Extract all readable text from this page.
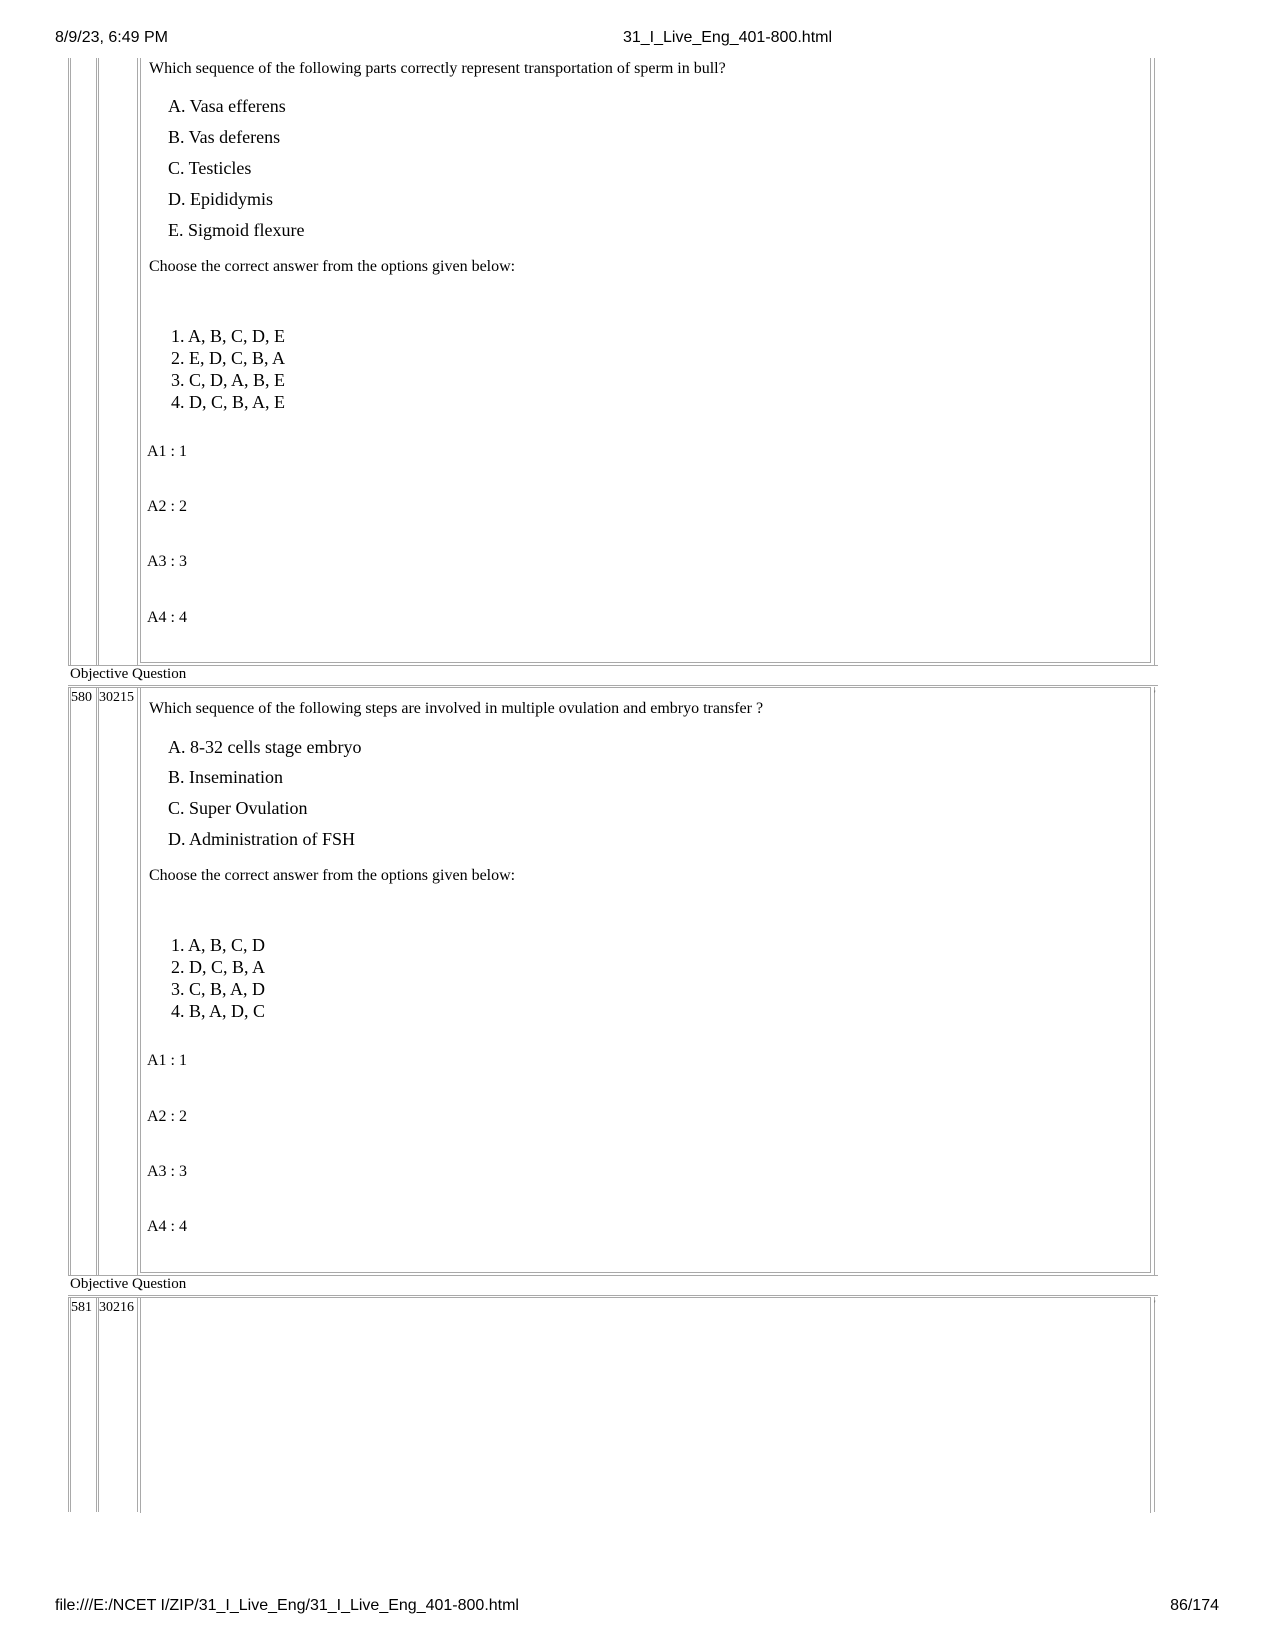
8/9/23, 6:49 PM	31_I_Live_Eng_401-800.html
Which sequence of the following parts correctly represent transportation of sperm in bull?
A. Vasa efferens
B. Vas deferens
C. Testicles
D. Epididymis
E. Sigmoid flexure
Choose the correct answer from the options given below:
1. A, B, C, D, E
2. E, D, C, B, A
3. C, D, A, B, E
4. D, C, B, A, E
A1 : 1
A2 : 2
A3 : 3
A4 : 4
Objective Question
'
580 30215
Which sequence of the following steps are involved in multiple ovulation and embryo transfer ?
A. 8-32 cells stage embryo
B. Insemination
C. Super Ovulation
D. Administration of FSH
Choose the correct answer from the options given below:
1. A, B, C, D
2. D, C, B, A
3. C, B, A, D
4. B, A, D, C
A1 : 1
A2 : 2
A3 : 3
A4 : 4
Objective Question
'
581 30216
file:///E:/NCET I/ZIP/31_I_Live_Eng/31_I_Live_Eng_401-800.html	86/174
